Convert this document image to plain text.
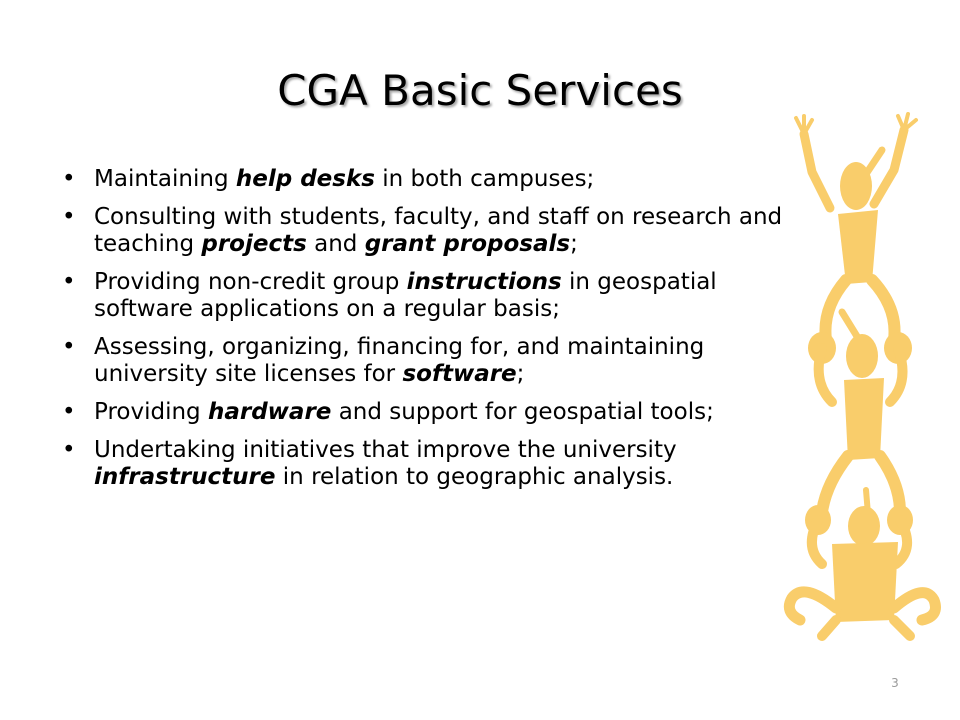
CGA Basic Services
• Maintaining help desks in both campuses;
• Consulting with students, faculty, and staff on research and teaching projects and grant proposals;
• Providing non-credit group instructions in geospatial software applications on a regular basis;
• Assessing, organizing, financing for, and maintaining university site licenses for software;
• Providing hardware and support for geospatial tools;
• Undertaking initiatives that improve the university infrastructure in relation to geographic analysis.
3
